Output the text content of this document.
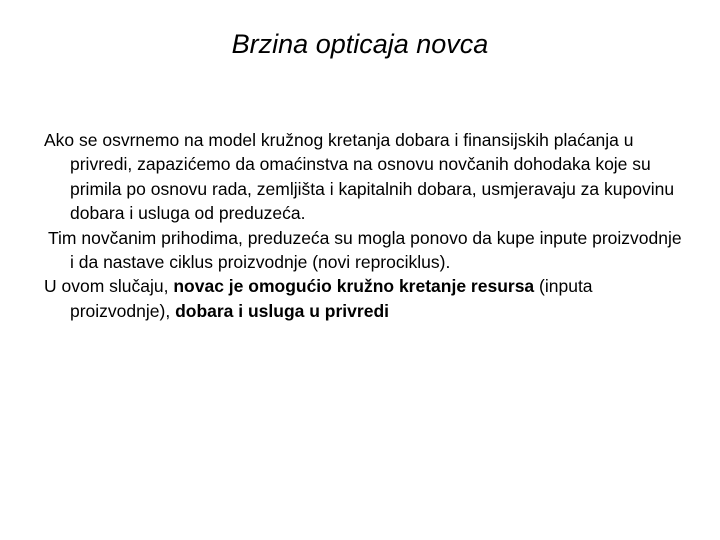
Brzina opticaja novca

Ako se osvrnemo na model kružnog kretanja dobara i finansijskih plaćanja u privredi, zapazićemo da omaćinstva na osnovu novčanih dohodaka koje su primila po osnovu rada, zemljišta i kapitalnih dobara, usmjeravaju za kupovinu dobara i usluga od preduzeća.

Tim novčanim prihodima, preduzeća su mogla ponovo da kupe inpute proizvodnje i da nastave ciklus proizvodnje (novi reprociklus).

U ovom slučaju, novac je omogućio kružno kretanje resursa (inputa proizvodnje), dobara i usluga u privredi
